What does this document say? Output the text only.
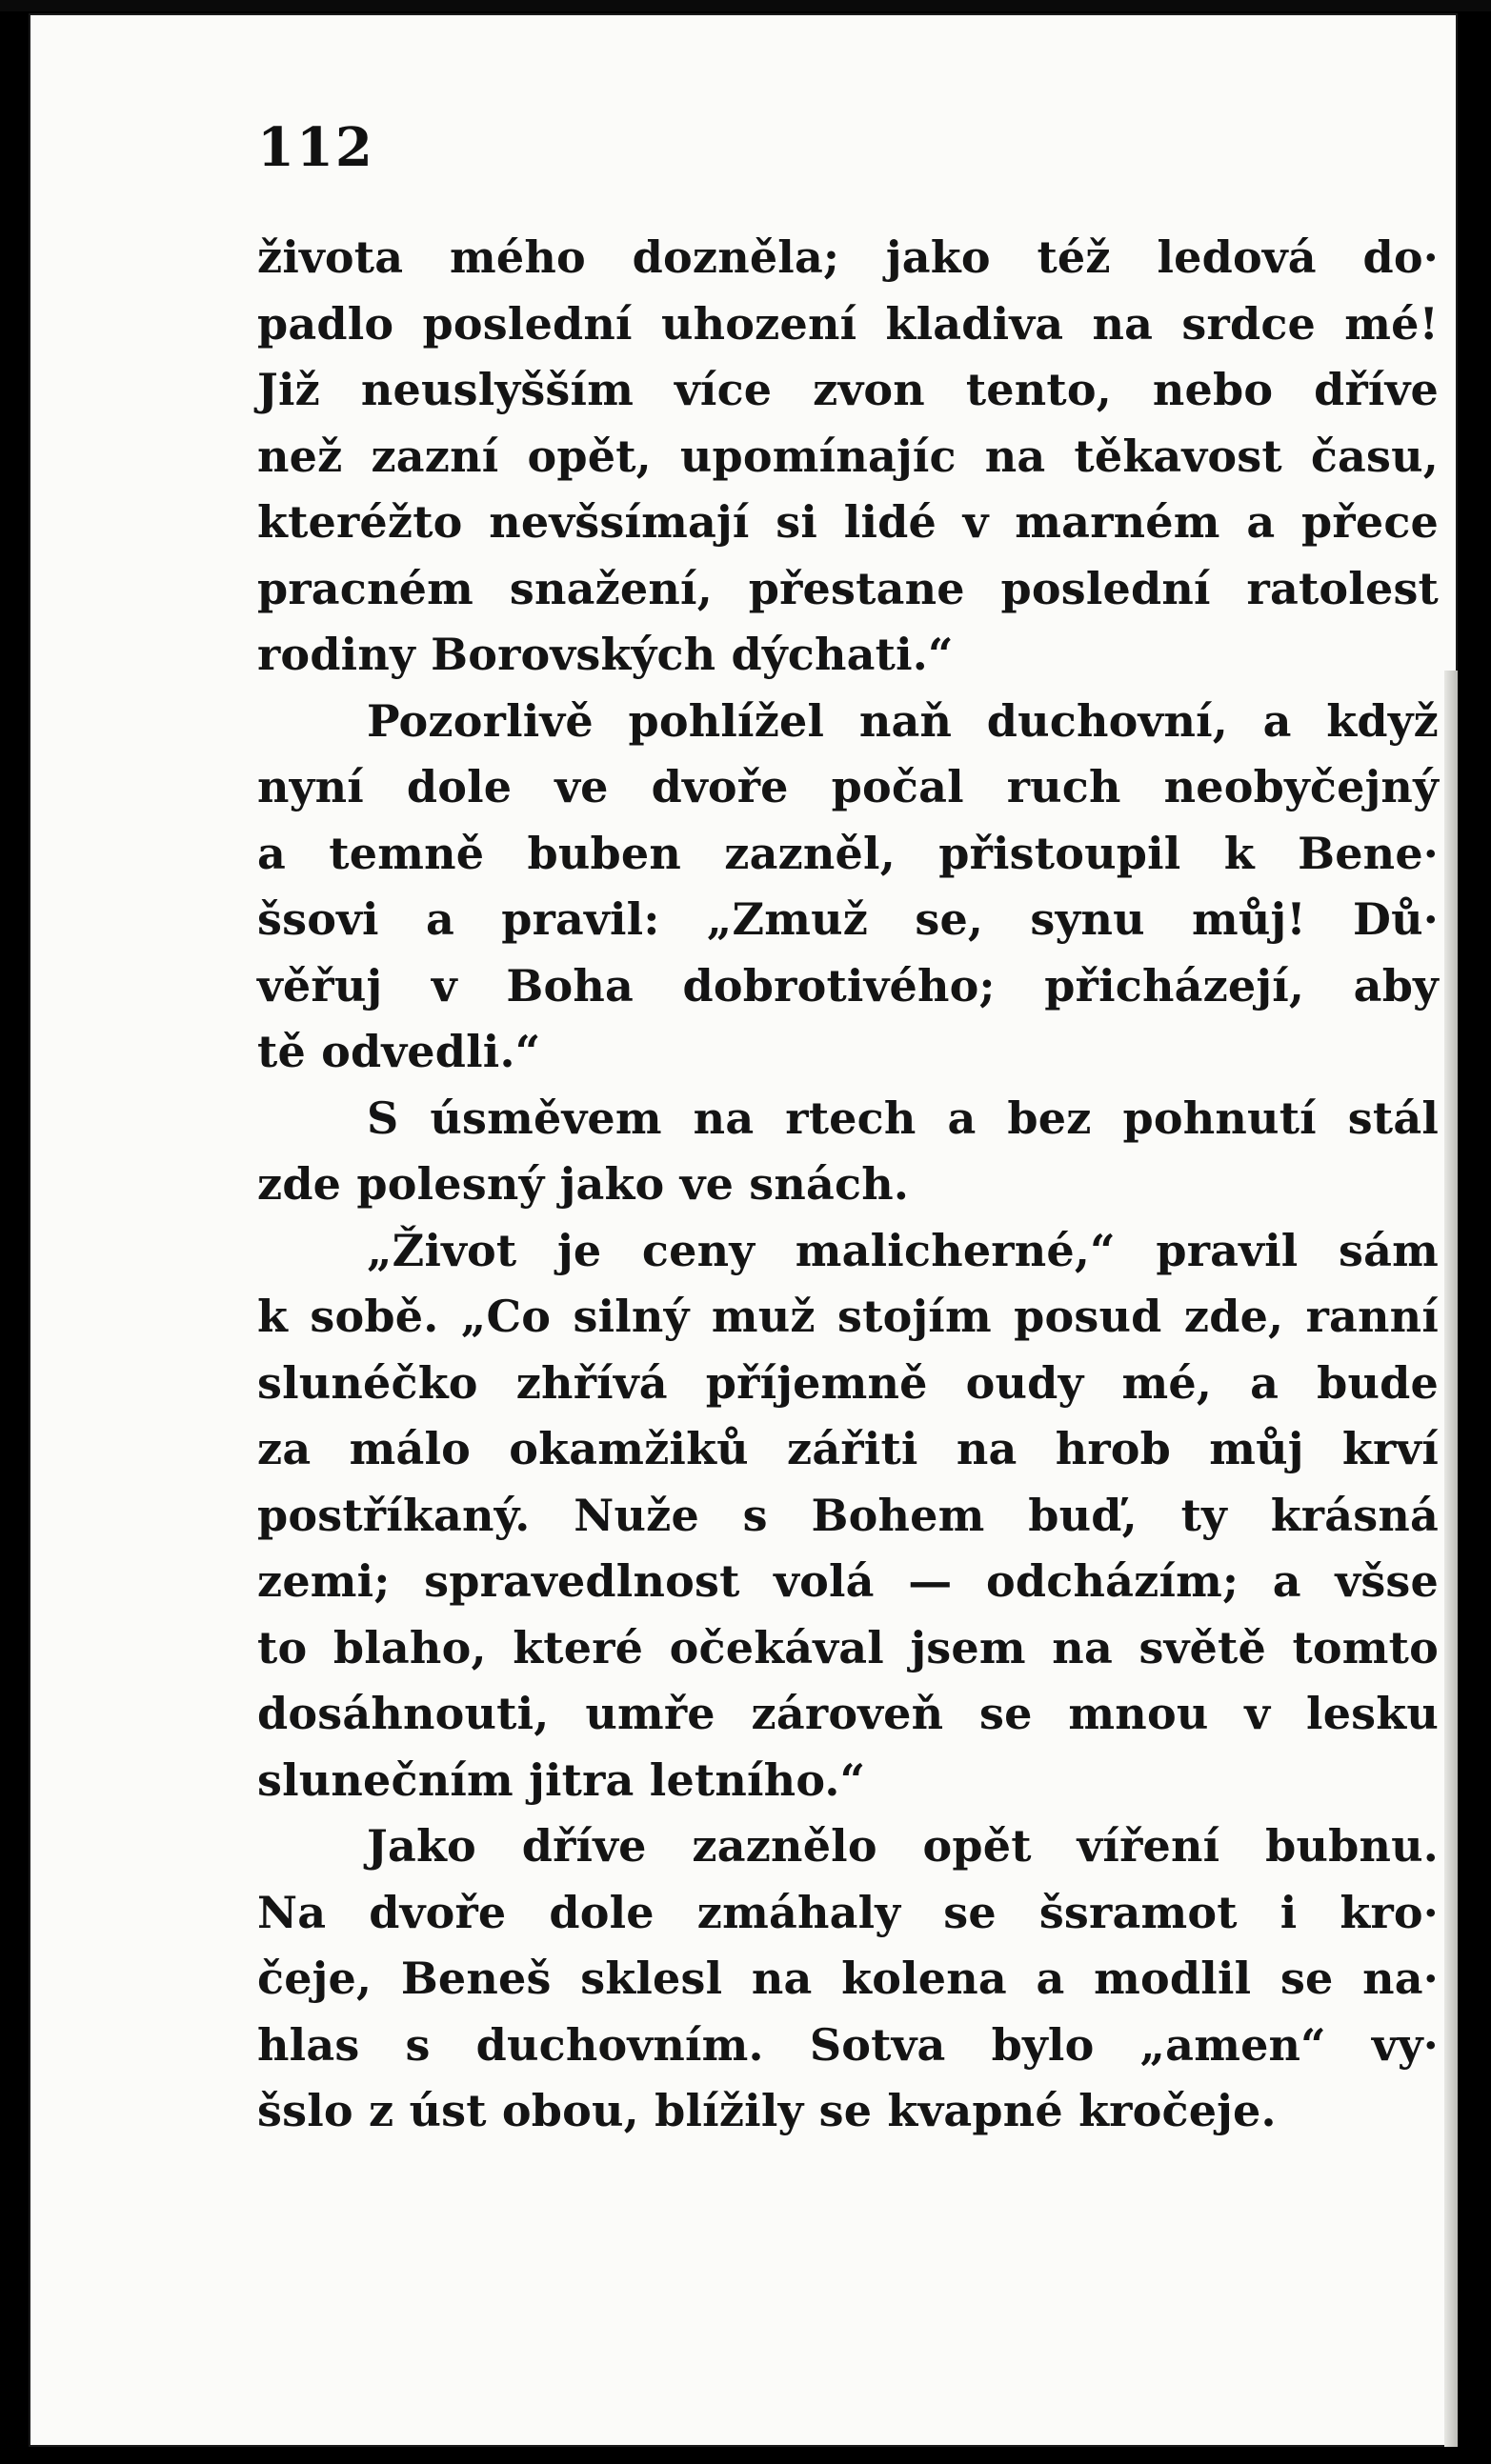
112
života mého dozněla; jako též ledová do·
padlo poslední uhození kladiva na srdce mé!
Již neuslyšším více zvon tento, nebo dříve
než zazní opět, upomínajíc na těkavost času,
kteréžto nevšsímají si lidé v marném a přece
pracném snažení, přestane poslední ratolest
rodiny Borovských dýchati.“
Pozorlivě pohlížel naň duchovní, a když
nyní dole ve dvoře počal ruch neobyčejný
a temně buben zazněl, přistoupil k Bene·
šsovi a pravil: „Zmuž se, synu můj! Dů·
věřuj v Boha dobrotivého; přicházejí, aby
tě odvedli.“
S úsměvem na rtech a bez pohnutí stál
zde polesný jako ve snách.
„Život je ceny malicherné,“ pravil sám
k sobě. „Co silný muž stojím posud zde, ranní
slunéčko zhřívá příjemně oudy mé, a bude
za málo okamžiků zářiti na hrob můj krví
postříkaný. Nuže s Bohem buď, ty krásná
zemi; spravedlnost volá — odcházím; a všse
to blaho, které očekával jsem na světě tomto
dosáhnouti, umře zároveň se mnou v lesku
slunečním jitra letního.“
Jako dříve zaznělo opět víření bubnu.
Na dvoře dole zmáhaly se šsramot i kro·
čeje, Beneš sklesl na kolena a modlil se na·
hlas s duchovním. Sotva bylo „amen“ vy·
šslo z úst obou, blížily se kvapné kročeje.
